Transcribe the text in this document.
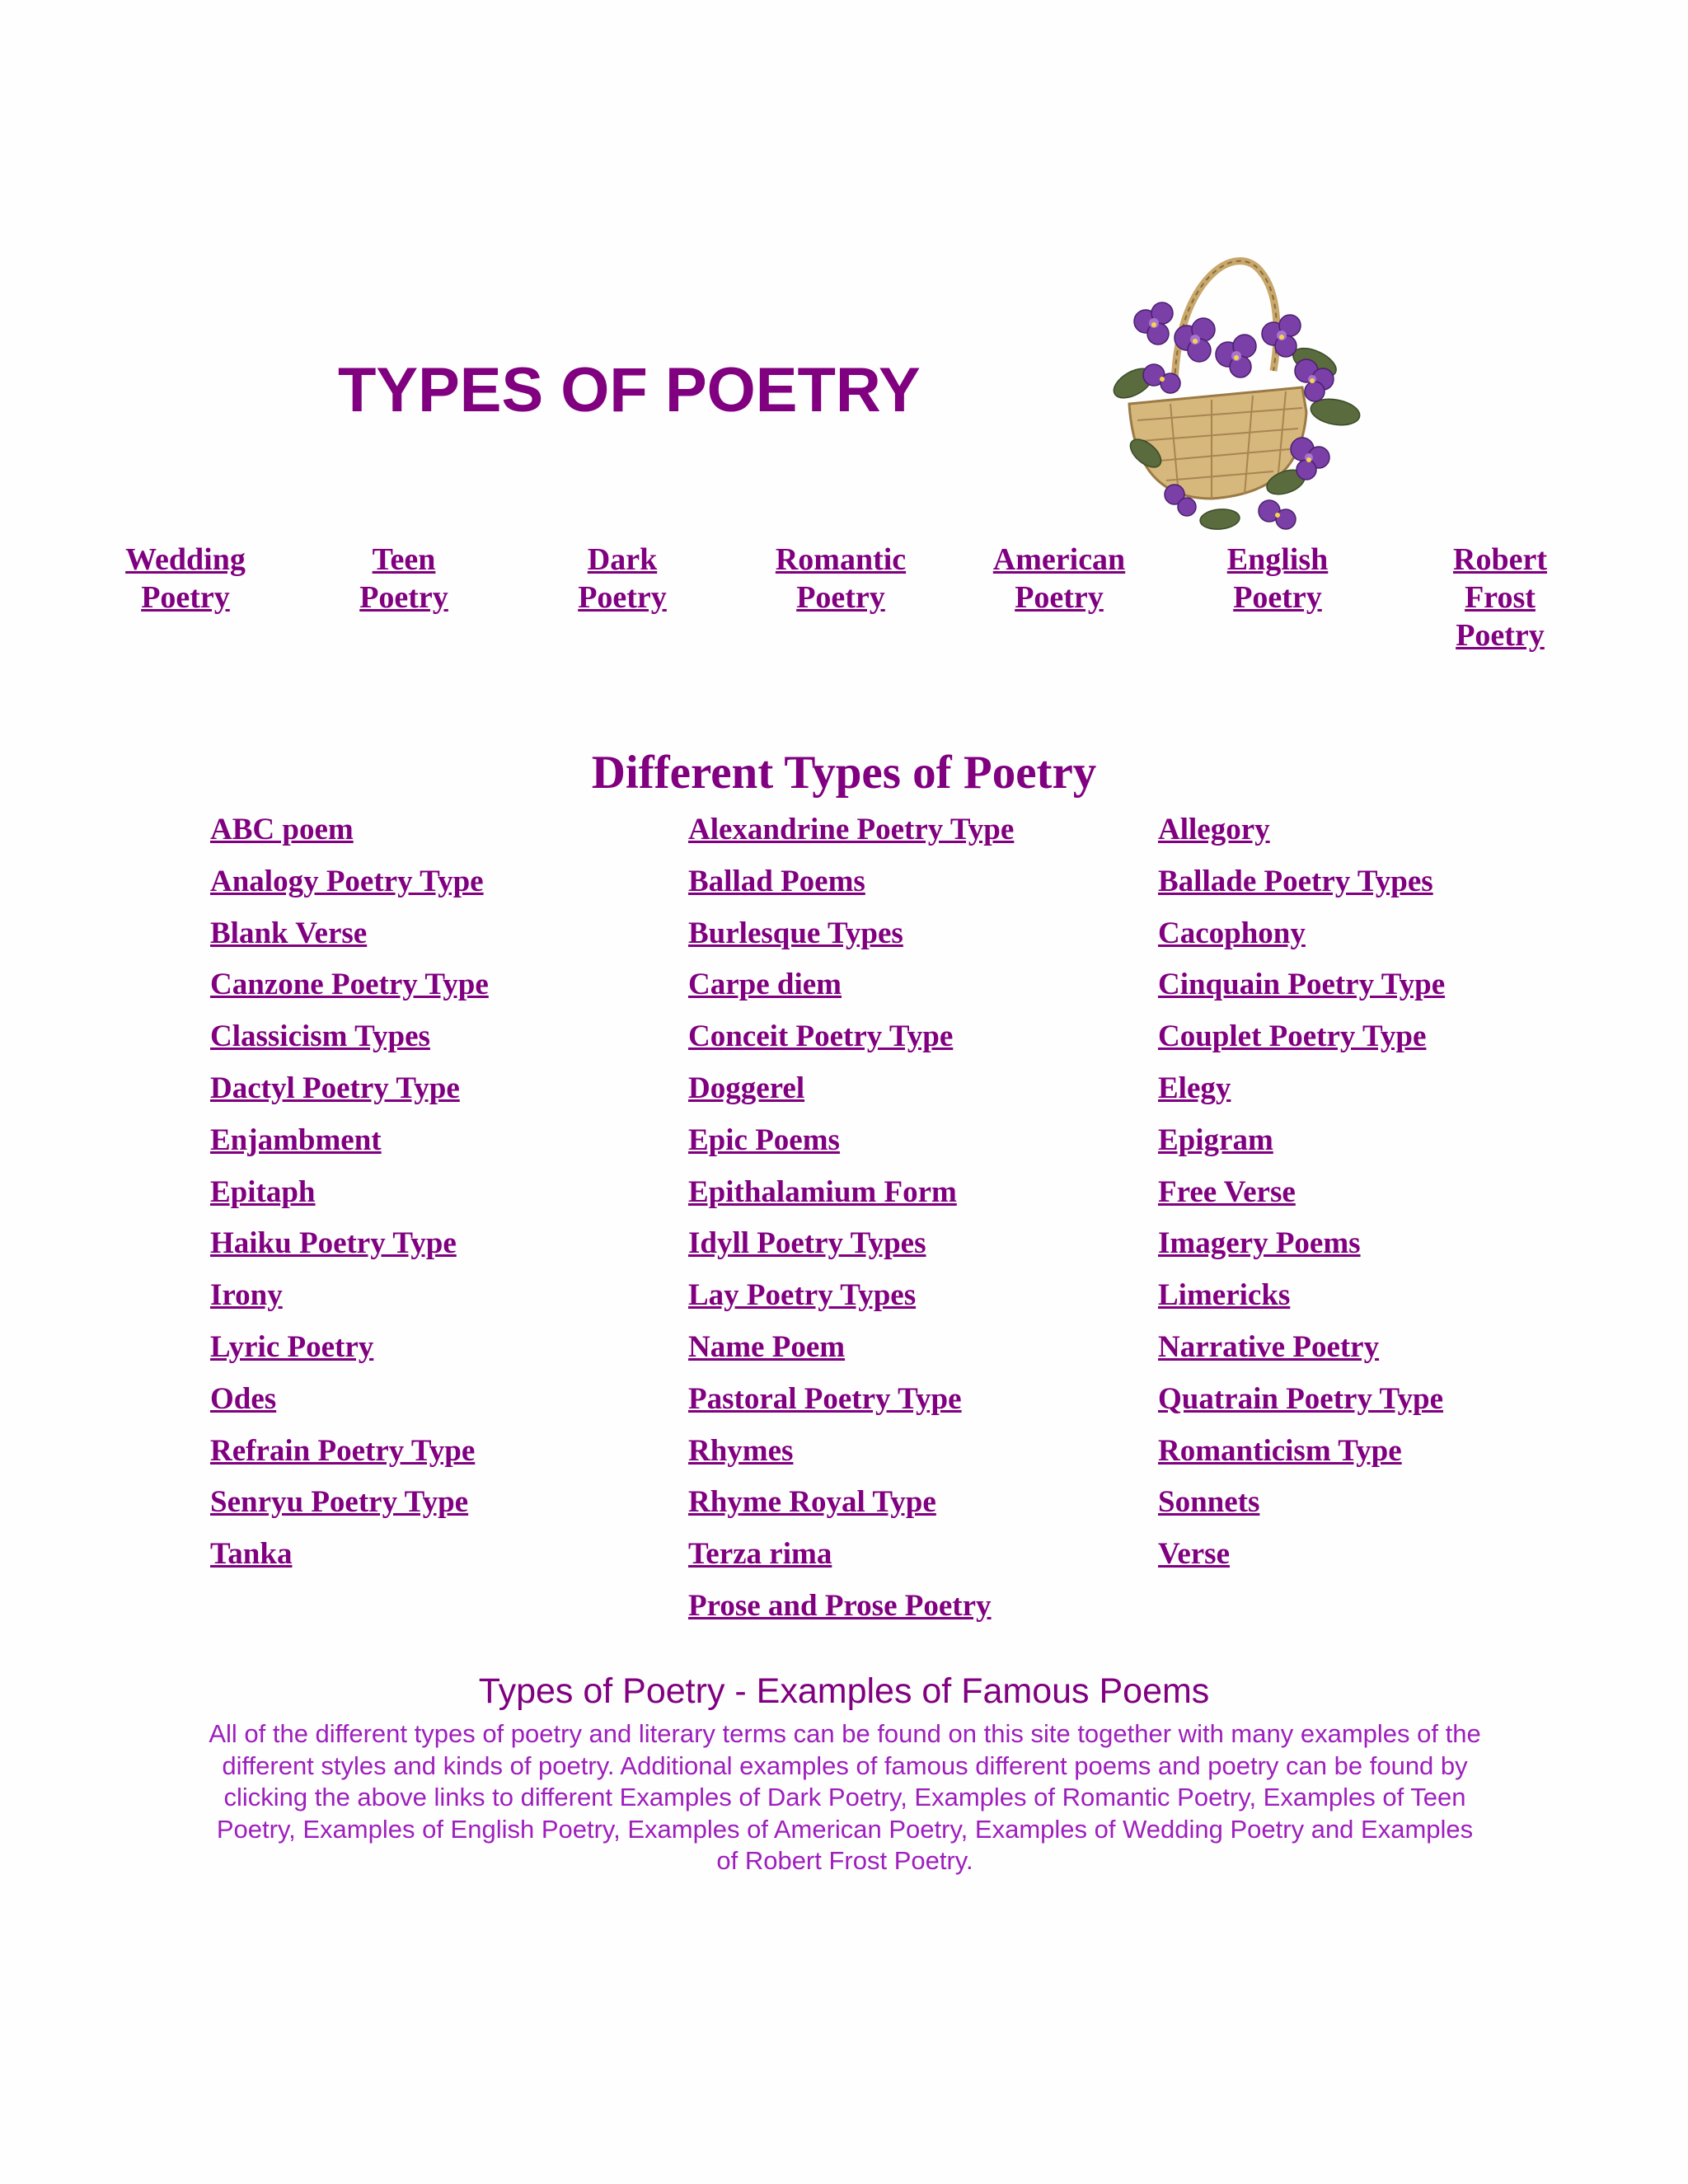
TYPES OF POETRY
Wedding
Poetry
Teen
Poetry
Dark
Poetry
Romantic
Poetry
American
Poetry
English
Poetry
Robert Frost
Poetry
Different Types of Poetry
ABC poem
Analogy Poetry Type
Blank Verse
Canzone Poetry Type
Classicism Types
Dactyl Poetry Type
Enjambment
Epitaph
Haiku Poetry Type
Irony
Lyric Poetry
Odes
Refrain Poetry Type
Senryu Poetry Type
Tanka
Alexandrine Poetry Type
Ballad Poems
Burlesque Types
Carpe diem
Conceit Poetry Type
Doggerel
Epic Poems
Epithalamium Form
Idyll Poetry Types
Lay Poetry Types
Name Poem
Pastoral Poetry Type
Rhymes
Rhyme Royal Type
Terza rima
Prose and Prose Poetry
Allegory
Ballade Poetry Types
Cacophony
Cinquain Poetry Type
Couplet Poetry Type
Elegy
Epigram
Free Verse
Imagery Poems
Limericks
Narrative Poetry
Quatrain Poetry Type
Romanticism Type
Sonnets
Verse
Types of Poetry - Examples of Famous Poems

All of the different types of poetry and literary terms can be found on this site together with many examples of the different styles and kinds of poetry. Additional examples of famous different poems and poetry can be found by clicking the above links to different Examples of Dark Poetry, Examples of Romantic Poetry, Examples of Teen Poetry, Examples of English Poetry, Examples of American Poetry, Examples of Wedding Poetry and Examples of Robert Frost Poetry.
